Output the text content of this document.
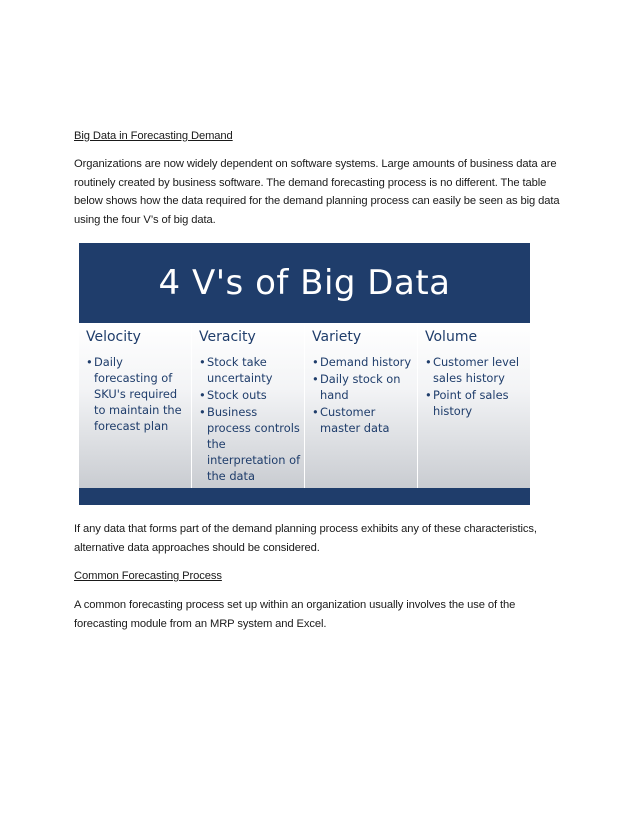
Big Data in Forecasting Demand
Organizations are now widely dependent on software systems. Large amounts of business data are routinely created by business software. The demand forecasting process is no different. The table below shows how the data required for the demand planning process can easily be seen as big data using the four V’s of big data.
4 V's of Big Data
Velocity
• Daily forecasting of SKU's required to maintain the forecast plan
Veracity
• Stock take uncertainty
• Stock outs
• Business process controls the interpretation of the data
Variety
• Demand history
• Daily stock on hand
• Customer master data
Volume
• Customer level sales history
• Point of sales history
If any data that forms part of the demand planning process exhibits any of these characteristics, alternative data approaches should be considered.
Common Forecasting Process
A common forecasting process set up within an organization usually involves the use of the forecasting module from an MRP system and Excel.
